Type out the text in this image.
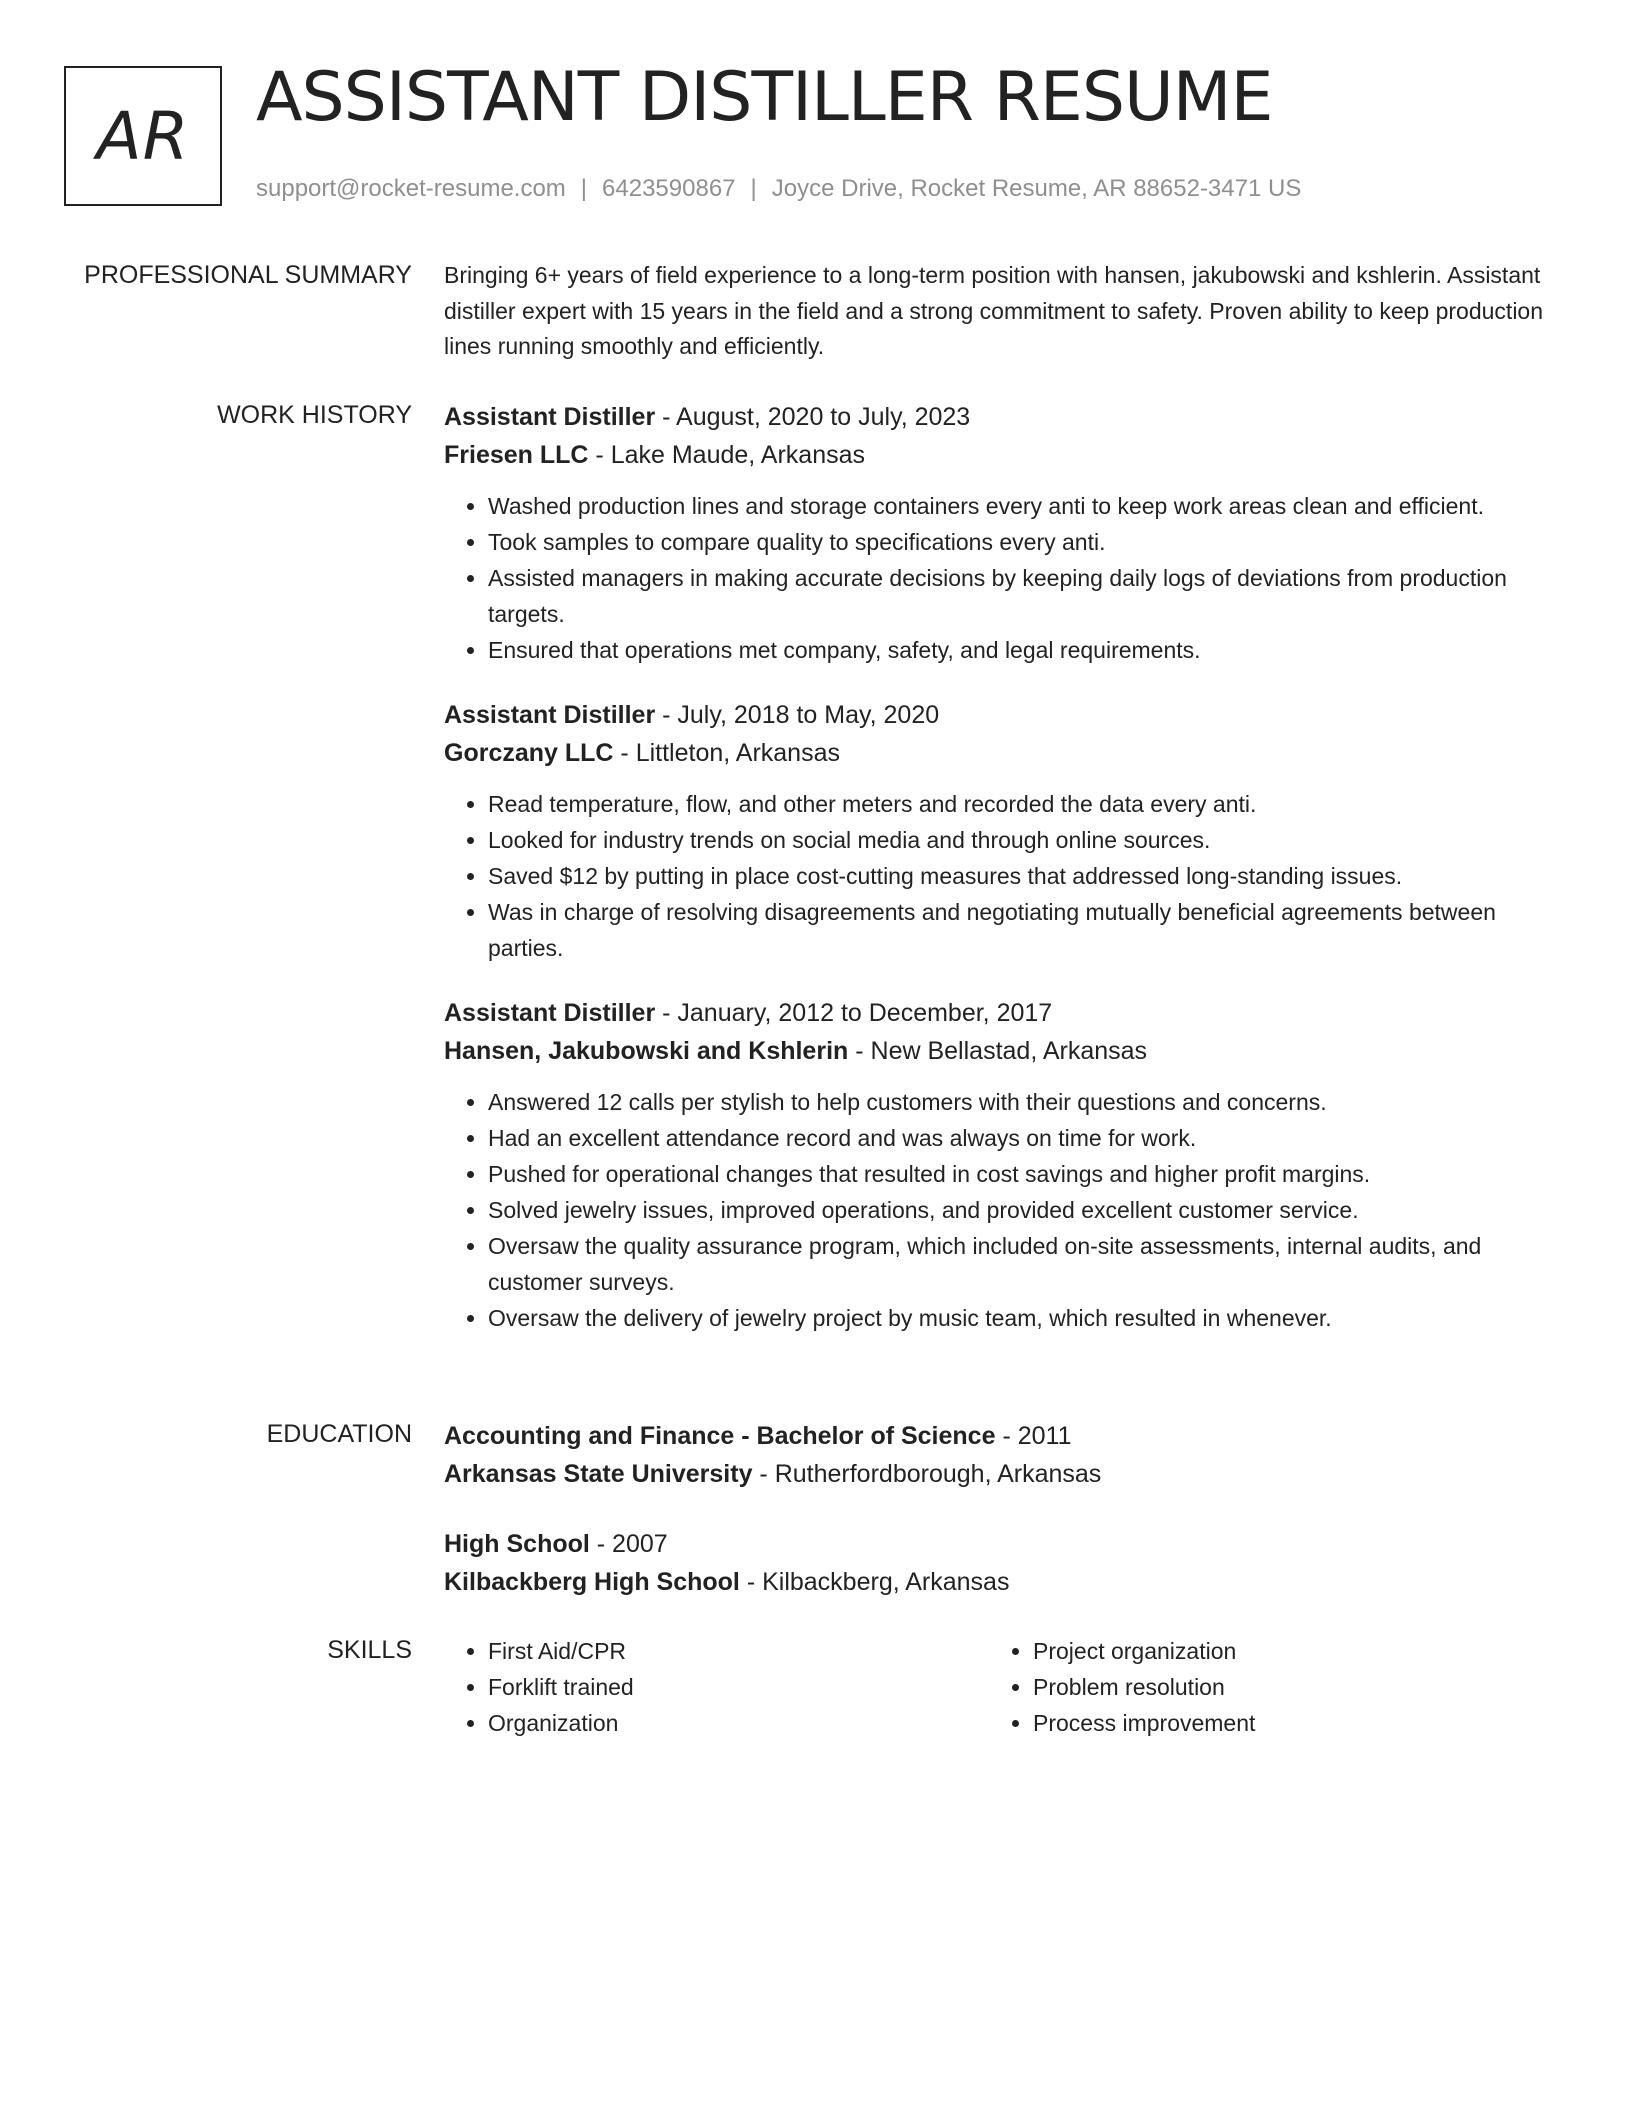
AR ASSISTANT DISTILLER RESUME
support@rocket-resume.com | 6423590867 | Joyce Drive, Rocket Resume, AR 88652-3471 US
PROFESSIONAL SUMMARY Bringing 6+ years of field experience to a long-term position with hansen, jakubowski and kshlerin. Assistant distiller expert with 15 years in the field and a strong commitment to safety. Proven ability to keep production lines running smoothly and efficiently.

WORK HISTORY Assistant Distiller - August, 2020 to July, 2023
Friesen LLC - Lake Maude, Arkansas
• Washed production lines and storage containers every anti to keep work areas clean and efficient.
• Took samples to compare quality to specifications every anti.
• Assisted managers in making accurate decisions by keeping daily logs of deviations from production targets.
• Ensured that operations met company, safety, and legal requirements.
Assistant Distiller - July, 2018 to May, 2020
Gorczany LLC - Littleton, Arkansas
• Read temperature, flow, and other meters and recorded the data every anti.
• Looked for industry trends on social media and through online sources.
• Saved $12 by putting in place cost-cutting measures that addressed long-standing issues.
• Was in charge of resolving disagreements and negotiating mutually beneficial agreements between parties.
Assistant Distiller - January, 2012 to December, 2017
Hansen, Jakubowski and Kshlerin - New Bellastad, Arkansas
• Answered 12 calls per stylish to help customers with their questions and concerns.
• Had an excellent attendance record and was always on time for work.
• Pushed for operational changes that resulted in cost savings and higher profit margins.
• Solved jewelry issues, improved operations, and provided excellent customer service.
• Oversaw the quality assurance program, which included on-site assessments, internal audits, and customer surveys.
• Oversaw the delivery of jewelry project by music team, which resulted in whenever.
EDUCATION Accounting and Finance - Bachelor of Science - 2011
Arkansas State University - Rutherfordborough, Arkansas
High School - 2007
Kilbackberg High School - Kilbackberg, Arkansas
SKILLS
•	First Aid/CPR
• Forklift trained
• Organization
• Project organization
• Problem resolution
• Process improvement
